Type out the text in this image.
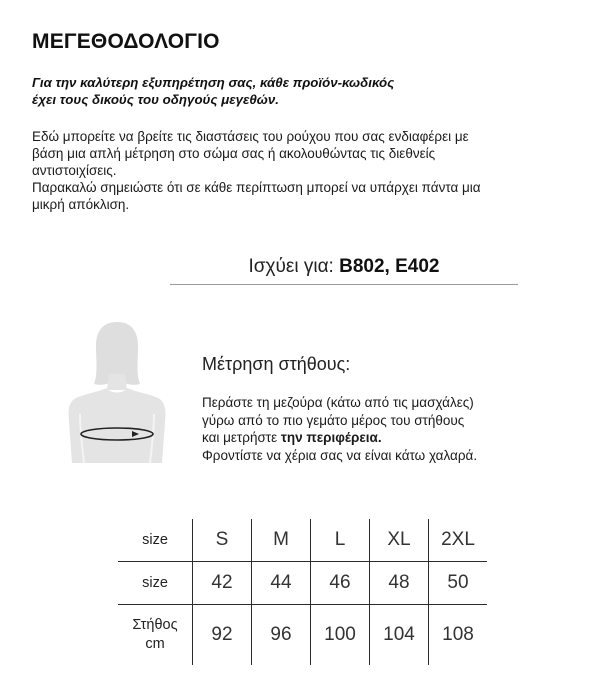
ΜΕΓΕΘΟΔΟΛΟΓΙΟ
Για την καλύτερη εξυπηρέτηση σας, κάθε προϊόν-κωδικός
έχει τους δικούς του οδηγούς μεγεθών.

Εδώ μπορείτε να βρείτε τις διαστάσεις του ρούχου που σας ενδιαφέρει με
βάση μια απλή μέτρηση στο σώμα σας ή ακολουθώντας τις διεθνείς
αντιστοιχίσεις.

Παρακαλώ σημειώστε ότι σε κάθε περίπτωση μπορεί να υπάρχει πάντα μια
μικρή απόκλιση.

Ισχύει για: B802, E402
Μέτρηση στήθους:

Περάστε τη μεζούρα (κάτω από τις μασχάλες)

γύρω από το πιο γεμάτο μέρος του στήθους

και μετρήστε την περιφέρεια.

Φροντίστε να χέρια σας να είναι κάτω χαλαρά.

size	S	M	L	XL	2XL
size	42	44	46	48	50
Στήθος
cm	92	96	100	104	108
